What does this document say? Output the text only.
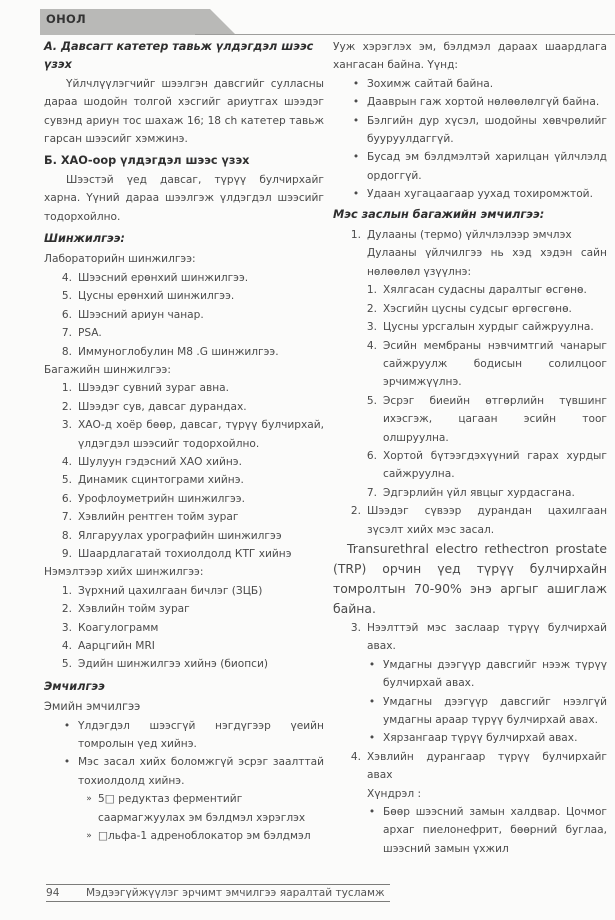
ОНОЛ
А. Давсагт катетер тавьж үлдэгдэл шээс үзэх

Үйлчлүүлэгчийг шээлгэн давсгийг сулласны дараа шодойн толгой хэсгийг ариутгах шээдэг сувэнд ариун тос шахаж 16; 18 ch катетер тавьж гарсан шээсийг хэмжинэ.

Б. ХАО-оор үлдэгдэл шээс үзэх

Шээстэй үед давсаг, түрүү булчирхайг харна. Үүний дараа шээлгэж үлдэгдэл шээсийг тодорхойлно.

Шинжилгээ:
Лабораторийн шинжилгээ:
4. Шээсний ерөнхий шинжилгээ.
5. Цусны ерөнхий шинжилгээ.
6. Шээсний ариун чанар.
7. PSA.
8. Иммуноглобулин М8 .G шинжилгээ.
Багажийн шинжилгээ:
1. Шээдэг сувний зураг авна.
2. Шээдэг сув, давсаг дурандах.
3. ХАО-д хоёр бөөр, давсаг, түрүү булчирхай, үлдэгдэл шээсийг тодорхойлно.
4. Шулуун гэдэсний ХАО хийнэ.
5. Динамик сцинтограми хийнэ.
6. Урофлоуметрийн шинжилгээ.
7. Хэвлийн рентген тойм зураг
8. Ялгаруулах урографийн шинжилгээ
9. Шаардлагатай тохиолдолд КТГ хийнэ
Нэмэлтээр хийх шинжилгээ:
1. Зүрхний цахилгаан бичлэг (ЗЦБ)
2. Хэвлийн тойм зураг
3. Коагулограмм
4. Аарцгийн MRI
5. Эдийн шинжилгээ хийнэ (биопси)
Эмчилгээ
Эмийн эмчилгээ
• Үлдэгдэл шээсгүй нэгдүгээр үеийн томролын үед хийнэ.
• Мэс засал хийх боломжгүй эсрэг заалттай тохиолдолд хийнэ.
» 5□ редуктаз ферментийг саармагжуулах эм бэлдмэл хэрэглэх
» □льфа-1 адреноблокатор эм бэлдмэл

Ууж хэрэглэх эм, бэлдмэл дараах шаардлага хангасан байна. Үүнд:

• Зохимж сайтай байна.
• Даавры​н гаж хортой нөлөөлөлгүй байна.
• Бэлгийн дур хүсэл, шодойны хөвчрөлийг бууруулдаггүй.
• Бусад эм бэлдмэлтэй харилцан үйлчлэлд ордоггүй.
• Удаан хугацаагаар уухад тохиромжтой.
Мэс заслын багажийн эмчилгээ:
1. Дулааны (термо) үйлчлэлээр эмчлэх

Дулааны үйлчилгээ нь хэд хэдэн сайн нөлөөлөл үзүүлнэ:

1. Хялгасан судасны даралтыг өсгөнө.
2. Хэсгийн цусны судсыг өргөсгөнө.
3. Цусны урсгалын хурдыг сайжруулна.
4. Эсийн мембраны нэвчимтгий чанарыг сайжруулж бодисын солилцоог эрчимжүүлнэ.
5. Эсрэг биеийн өтгөрлийн түвшинг ихэсгэж, цагаан эсийн тоог олшруулна.
6. Хортой бүтээгдэхүүний гарах хурдыг сайжруулна.
7. Эдгэрлийн үйл явцыг хурдасгана.
2. Шээдэг сүвээр дурандан цахилгаан зүсэлт хийх мэс засал.

Transurethral electro rethectron prostate (TRP) орчин үед түрүү булчирхайн томролтын 70-90% энэ аргыг ашиглаж байна.

3. Нээлттэй мэс заслаар түрүү булчирхай авах.
• Умдагны дээгүүр давсгийг нээж түрүү булчирхай авах.
• Умдагны дээгүүр давсгийг нээлгүй умдагны араар түрүү булчирхай авах.
• Хярзангаар түрүү булчирхай авах.
4. Хэвлийн дурангаар түрүү булчирхайг авах
Хүндрэл :
• Бөөр шээсний замын халдвар. Цочмог архаг пиелонефрит, бөөрний буглаа, шээсний замын үхжил
94	Мэдээгүйжүүлэг эрчимт эмчилгээ яаралтай тусламж
